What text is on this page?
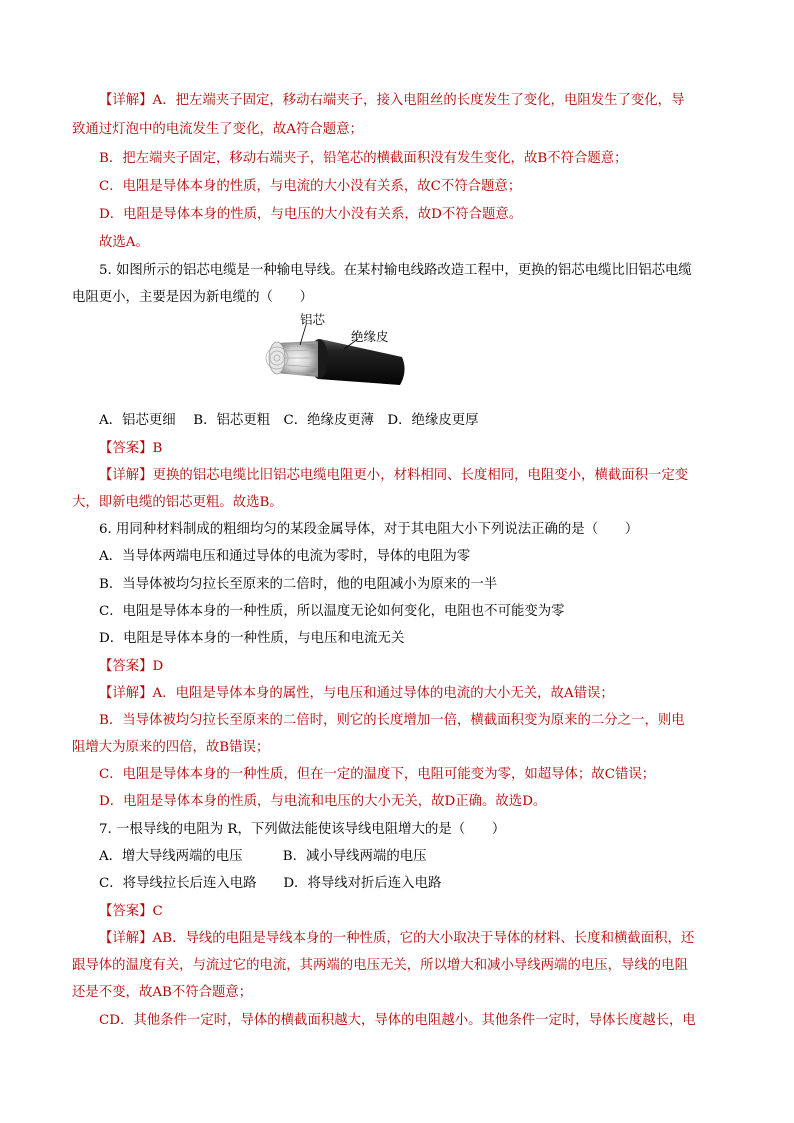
【详解】A．把左端夹子固定，移动右端夹子，接入电阻丝的长度发生了变化，电阻发生了变化，导
致通过灯泡中的电流发生了变化，故A符合题意；
B．把左端夹子固定，移动右端夹子，铅笔芯的横截面积没有发生变化，故B不符合题意；
C．电阻是导体本身的性质，与电流的大小没有关系，故C不符合题意；
D．电阻是导体本身的性质，与电压的大小没有关系，故D不符合题意。
故选A。
5. 如图所示的铝芯电缆是一种输电导线。在某村输电线路改造工程中，更换的铝芯电缆比旧铝芯电缆
电阻更小，主要是因为新电缆的（　　）
铝芯
绝缘皮
A．铝芯更细　 B．铝芯更粗　C．绝缘皮更薄　D．绝缘皮更厚
【答案】B
【详解】更换的铝芯电缆比旧铝芯电缆电阻更小，材料相同、长度相同，电阻变小，横截面积一定变
大，即新电缆的铝芯更粗。故选B。
6. 用同种材料制成的粗细均匀的某段金属导体，对于其电阻大小下列说法正确的是（　　）
A．当导体两端电压和通过导体的电流为零时，导体的电阻为零
B．当导体被均匀拉长至原来的二倍时，他的电阻减小为原来的一半
C．电阻是导体本身的一种性质，所以温度无论如何变化，电阻也不可能变为零
D．电阻是导体本身的一种性质，与电压和电流无关
【答案】D
【详解】A．电阻是导体本身的属性，与电压和通过导体的电流的大小无关，故A错误；
B．当导体被均匀拉长至原来的二倍时，则它的长度增加一倍，横截面积变为原来的二分之一，则电
阻增大为原来的四倍，故B错误；
C．电阻是导体本身的一种性质，但在一定的温度下，电阻可能变为零，如超导体；故C错误；
D．电阻是导体本身的性质，与电流和电压的大小无关，故D正确。故选D。
7. 一根导线的电阻为 R，下列做法能使该导线电阻增大的是（　　）
A．增大导线两端的电压　　　B．减小导线两端的电压
C．将导线拉长后连入电路　　D．将导线对折后连入电路
【答案】C
【详解】AB．导线的电阻是导线本身的一种性质，它的大小取决于导体的材料、长度和横截面积，还
跟导体的温度有关，与流过它的电流，其两端的电压无关，所以增大和减小导线两端的电压，导线的电阻
还是不变，故AB不符合题意；
CD．其他条件一定时，导体的横截面积越大，导体的电阻越小。其他条件一定时，导体长度越长，电
